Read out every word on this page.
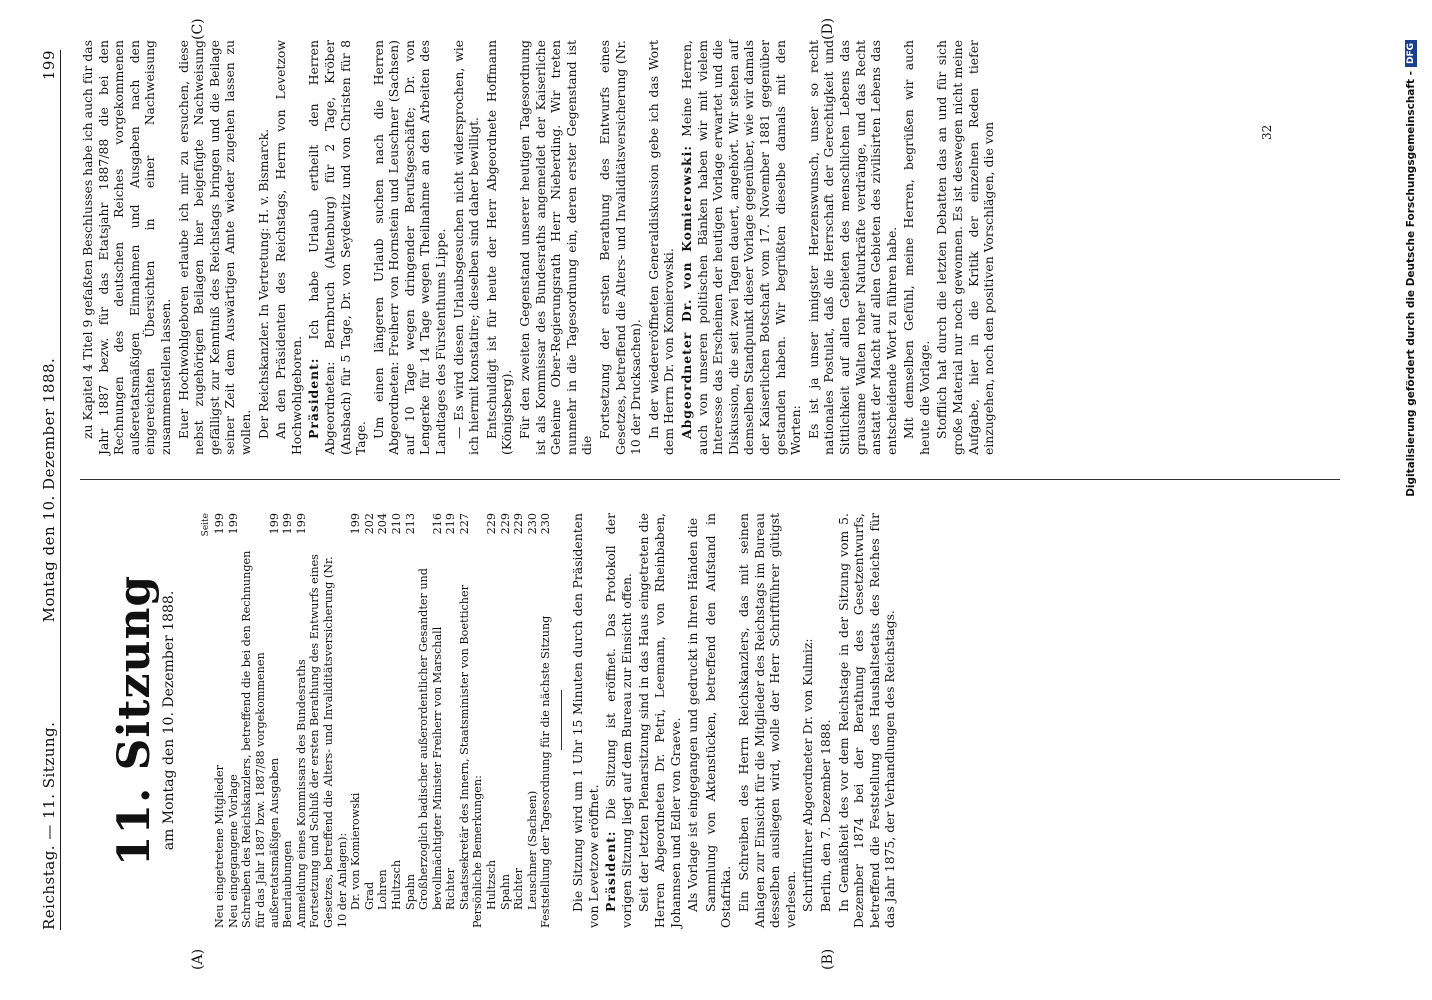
Reichstag. — 11. Sitzung.
Montag den 10. Dezember 1888.
199
(A)	(B)
(C)	(D)
11. Sitzung am Montag den 10. Dezember 1888.
	Seite
Neu eingetretene Mitglieder	199
Neu eingegangene Vorlage	199
Schreiben des Reichskanzlers, betreffend die bei den Rechnungen für das Jahr 1887 bzw. 1887/88 vorgekommenen außeretatsmäßigen Ausgaben	199
Beurlaubungen	199
Anmeldung eines Kommissars des Bundesraths	199
Fortsetzung und Schluß der ersten Berathung des Entwurfs eines Gesetzes, betreffend die Alters- und Invaliditätsversicherung (Nr. 10 der Anlagen):	
Dr. von Komierowski	199
Grad	202
Lohren	204
Hultzsch	210
Spahn	213
Großherzoglich badischer außerordentlicher Gesandter und bevollmächtigter Minister Freiherr von Marschall	216
Richter	219
Staatssekretär des Innern, Staatsminister von Boetticher	227
Persönliche Bemerkungen:	
Hultzsch	229
Spahn	229
Richter	229
Leuschner (Sachsen)	230
Feststellung der Tagesordnung für die nächste Sitzung	230 Die Sitzung wird um 1 Uhr 15 Minuten durch den Präsidenten von Levetzow eröffnet. Präsident: Die Sitzung ist eröffnet. Das Protokoll der vorigen Sitzung liegt auf dem Bureau zur Einsicht offen. Seit der letzten Plenarsitzung sind in das Haus eingetreten die Herren Abgeordneten Dr. Petri, Leemann, von Rheinbaben, Johannsen und Edler von Graeve. Als Vorlage ist eingegangen und gedruckt in Ihren Händen die Sammlung von Aktenstücken, betreffend den Aufstand in Ostafrika. Ein Schreiben des Herrn Reichskanzlers, das mit seinen Anlagen zur Einsicht für die Mitglieder des Reichstags im Bureau desselben ausliegen wird, wolle der Herr Schriftführer gütigst verlesen. Schriftführer Abgeordneter Dr. von Kulmiz: Berlin, den 7. Dezember 1888. In Gemäßheit des vor dem Reichstage in der Sitzung vom 5. Dezember 1874 bei der Berathung des Gesetzentwurfs, betreffend die Feststellung des Haushaltsetats des Reiches für das Jahr 1875, der Verhandlungen des Reichstags.

zu Kapitel 4 Titel 9 gefaßten Beschlusses habe ich auch für das Jahr 1887 bezw. für das Etatsjahr 1887/88 die bei den Rechnungen des deutschen Reiches vorgekommenen außeretatsmäßigen Einnahmen und Ausgaben nach den eingereichten Übersichten in einer Nachweisung zusammenstellen lassen. Euer Hochwohlgeboren erlaube ich mir zu ersuchen, diese nebst zugehörigen Beilagen hier beigefügte Nachweisung gefälligst zur Kenntniß des Reichstags bringen und die Beilage seiner Zeit dem Auswärtigen Amte wieder zugehen lassen zu wollen. Der Reichskanzler. In Vertretung: H. v. Bismarck. An den Präsidenten des Reichstags, Herrn von Levetzow Hochwohlgeboren. Präsident: Ich habe Urlaub ertheilt den Herren Abgeordneten: Bernbruch (Altenburg) für 2 Tage, Kröber (Ansbach) für 5 Tage, Dr. von Seydewitz und von Christen für 8 Tage. Um einen längeren Urlaub suchen nach die Herren Abgeordneten: Freiherr von Hornstein und Leuschner (Sachsen) auf 10 Tage wegen dringender Berufsgeschäfte; Dr. von Lengerke für 14 Tage wegen Theilnahme an den Arbeiten des Landtages des Fürstenthums Lippe. — Es wird diesen Urlaubsgesuchen nicht widersprochen, wie ich hiermit konstatire; dieselben sind daher bewilligt. Entschuldigt ist für heute der Herr Abgeordnete Hoffmann (Königsberg). Für den zweiten Gegenstand unserer heutigen Tagesordnung ist als Kommissar des Bundesraths angemeldet der Kaiserliche Geheime Ober-Regierungsrath Herr Nieberding. Wir treten nunmehr in die Tagesordnung ein, deren erster Gegenstand ist die

Fortsetzung der ersten Berathung des Entwurfs eines Gesetzes, betreffend die Alters- und Invaliditätsversicherung (Nr. 10 der Drucksachen). In der wiedereröffneten Generaldiskussion gebe ich das Wort dem Herrn Dr. von Komierowski. Abgeordneter Dr. von Komierowski: Meine Herren, auch von unseren politischen Bänken haben wir mit vielem Interesse das Erscheinen der heutigen Vorlage erwartet und die Diskussion, die seit zwei Tagen dauert, angehört. Wir stehen auf demselben Standpunkt dieser Vorlage gegenüber, wie wir damals der Kaiserlichen Botschaft vom 17. November 1881 gegenüber gestanden haben. Wir begrüßten dieselbe damals mit den Worten: Es ist ja unser innigster Herzenswunsch, unser so recht nationales Postulat, daß die Herrschaft der Gerechtigkeit und Sittlichkeit auf allen Gebieten des menschlichen Lebens das grausame Walten roher Naturkräfte verdränge, und das Recht anstatt der Macht auf allen Gebieten des zivilisirten Lebens das entscheidende Wort zu führen habe. Mit demselben Gefühl, meine Herren, begrüßen wir auch heute die Vorlage. Stofflich hat durch die letzten Debatten das an und für sich große Material nur noch gewonnen. Es ist deswegen nicht meine Aufgabe, hier in die Kritik der einzelnen Reden tiefer einzugehen, noch den positiven Vorschlägen, die von	32	Digitalisierung gefördert durch die Deutsche Forschungsgemeinschaft -DFG
